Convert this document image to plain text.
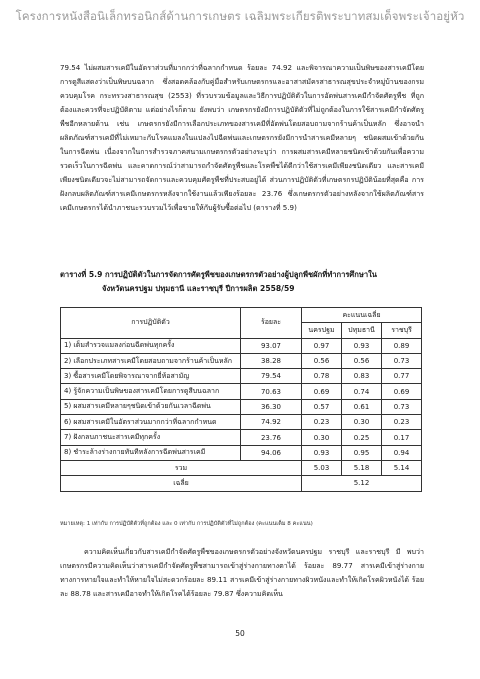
โครงการหนังสือนิเล็กทรอนิกส์ด้านการเกษตร เฉลิมพระเกียรติพระบาทสมเด็จพระเจ้าอยู่หัว
79.54 ไม่ผสมสารเคมีในอัตราส่วนที่มากกว่าที่ฉลากกำหนด ร้อยละ 74.92 และพิจารณาความเป็นพิษของสารเคมีโดยการดูสีแสดงว่าเป็นพิษบนฉลาก ซึ่งสอดคล้องกับคู่มือสำหรับเกษตรกรและอาสาสมัครสาธารณสุขประจำหมู่บ้านของกรมควบคุมโรค กระทรวงสาธารณสุข (2553) ที่รวบรวมข้อมูลและวิธีการปฏิบัติตัวในการอัดพ่นสารเคมีกำจัดศัตรูพืช ที่ถูกต้องและควรที่จะปฏิบัติตาม แต่อย่างไรก็ตาม ยังพบว่า เกษตรกรยังมีการปฏิบัติตัวที่ไม่ถูกต้องในการใช้สารเคมีกำจัดศัตรูพืชอีกหลายด้าน เช่น เกษตรกรยังมีการเลือกประเภทของสารเคมีที่อัดพ่นโดยสอบถามจากร้านค้าเป็นหลัก ซึ่งอาจนำผลิตภัณฑ์สารเคมีที่ไม่เหมาะกับโรคแมลงในแปลงไปฉีดพ่นและเกษตรกรยังมีการนำสารเคมีหลายๆ ชนิดผสมเข้าด้วยกันในการฉีดพ่น เนื่องจากในการสำรวจภาคสนามเกษตรกรตัวอย่างระบุว่า การผสมสารเคมีหลายชนิดเข้าด้วยกันเพื่อความรวดเร็วในการฉีดพ่น และคาดการณ์ว่าสามารถกำจัดศัตรูพืชและโรคพืชได้ดีกว่าใช้สารเคมีเพียงชนิดเดียว และสารเคมีเพียงชนิดเดียวจะไม่สามารถจัดการและควบคุมศัตรูพืชที่ประสบอยู่ได้ ส่วนการปฏิบัติตัวที่เกษตรกรปฏิบัติน้อยที่สุดคือ การฝังกลบผลิตภัณฑ์สารเคมีเกษตรกรหลังจากใช้งานแล้วเพียงร้อยละ 23.76 ซึ่งเกษตรกรตัวอย่างหลังจากใช้ผลิตภัณฑ์สารเคมีเกษตรกรได้นำภาชนะรวบรวมไว้เพื่อขายให้กับผู้รับซื้อต่อไป (ตารางที่ 5.9)
ตารางที่ 5.9 การปฏิบัติตัวในการจัดการศัตรูพืชของเกษตรกรตัวอย่างผู้ปลูกพืชผักที่ทำการศึกษาใน
จังหวัดนครปฐม ปทุมธานี และราชบุรี ปีการผลิต 2558/59
การปฏิบัติตัว	ร้อยละ	คะแนนเฉลี่ย		
		นครปฐม	ปทุมธานี	ราชบุรี
1) เต็มสำรวจแมลงก่อนฉีดพ่นทุกครั้ง	93.07	0.97	0.93	0.89
2) เลือกประเภทสารเคมีโดยสอบถามจากร้านค้าเป็นหลัก	38.28	0.56	0.56	0.73
3) ซื้อสารเคมีโดยพิจารณาจากยี่ห้อสามัญ	79.54	0.78	0.83	0.77
4) รู้จักความเป็นพิษของสารเคมีโดยการดูสีบนฉลาก	70.63	0.69	0.74	0.69
5) ผสมสารเคมีหลายๆชนิดเข้าด้วยกันเวลาฉีดพ่น	36.30	0.57	0.61	0.73
6) ผสมสารเคมีในอัตราส่วนมากกว่าที่ฉลากกำหนด	74.92	0.23	0.30	0.23
7) ฝังกลบภาชนะสารเคมีทุกครั้ง	23.76	0.30	0.25	0.17
8) ชำระล้างร่างกายทันทีหลังการฉีดพ่นสารเคมี	94.06	0.93	0.95	0.94
รวม		5.03	5.18	5.14
เฉลี่ย		5.12		
หมายเหตุ: 1 เท่ากับ การปฏิบัติตัวที่ถูกต้อง และ 0 เท่ากับ การปฏิบัติตัวที่ไม่ถูกต้อง (คะแนนเต็ม 8 คะแนน)
ความคิดเห็นเกี่ยวกับสารเคมีกำจัดศัตรูพืชของเกษตรกรตัวอย่างจังหวัดนครปฐม ราชบุรี และราชบุรี มี พบว่า เกษตรกรมีความคิดเห็นว่าสารเคมีกำจัดศัตรูพืชสามารถเข้าสู่ร่างกายทางตาได้ ร้อยละ 89.77 สารเคมีเข้าสู่ร่างกายทางการหายใจและทำให้หายใจไม่สะดวกร้อยละ 89.11 สารเคมีเข้าสู่ร่างกายทางผิวหนังและทำให้เกิดโรคผิวหนังได้ ร้อยละ 88.78 และสารเคมีอาจทำให้เกิดโรคได้ร้อยละ 79.87 ซึ่งความคิดเห็น
50
